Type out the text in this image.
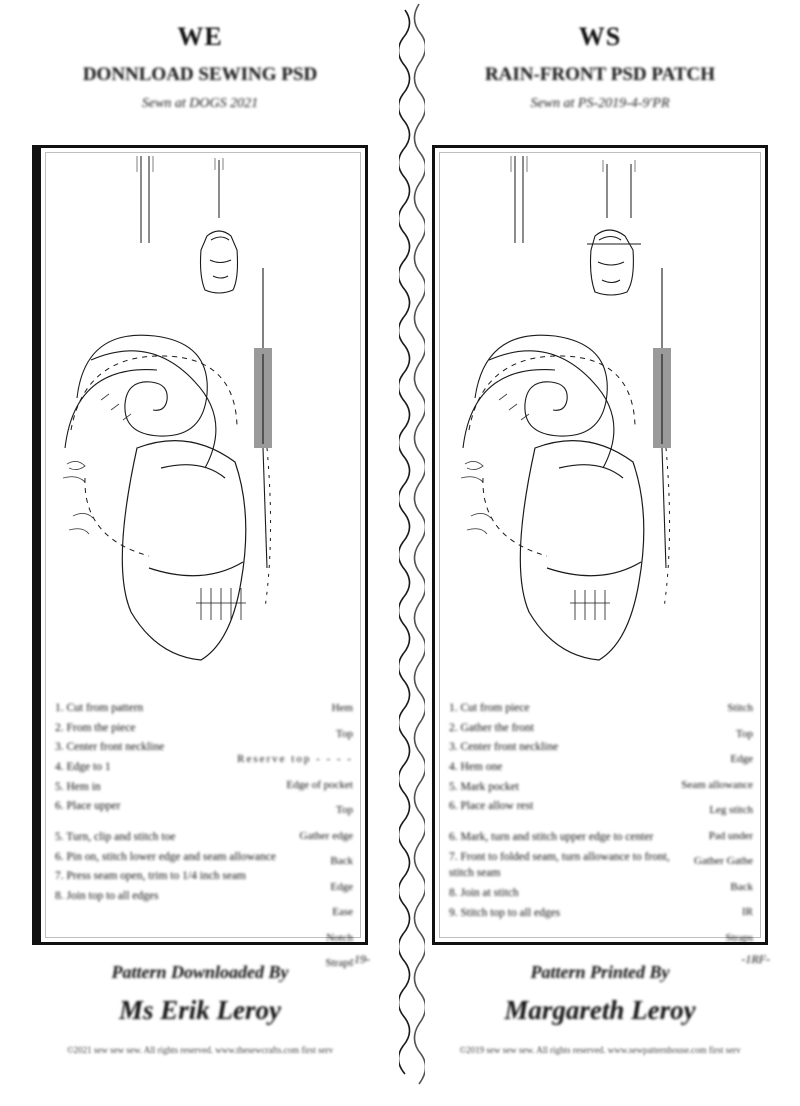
WE
DONNLOAD SEWING PSD
Sewn at DOGS 2021
1. Cut from pattern
2. From the piece
3. Center front neckline
4. Edge to 1
5. Hem in
6. Place upper
5. Turn, clip and stitch toe
6. Pin on, stitch lower edge and seam allowance
7. Press seam open, trim to 1/4 inch seam
8. Join top to all edges
Hem
Top
Reserve top - - - -
Edge of pocket
Top
Gather edge
Back
Edge
Ease
Notch
Straps
-19-
Pattern Downloaded By
Ms Erik Leroy
©2021 sew sew sew. All rights reserved. www.thesewcrafts.com first serv
WS
RAIN-FRONT PSD PATCH
Sewn at PS-2019-4-9'PR
1. Cut from piece
2. Gather the front
3. Center front neckline
4. Hem one
5. Mark pocket
6. Place allow rest
6. Mark, turn and stitch upper edge to center
7. Front to folded seam, turn allowance to front, stitch seam
8. Join at stitch
9. Stitch top to all edges
Stitch
Top
Edge
Seam allowance
Leg stitch
Pad under
Gather Gathe
Back
IR
Straps
-1RF-
Pattern Printed By
Margareth Leroy
©2019 sew sew sew. All rights reserved. www.sewpatternhouse.com first serv
